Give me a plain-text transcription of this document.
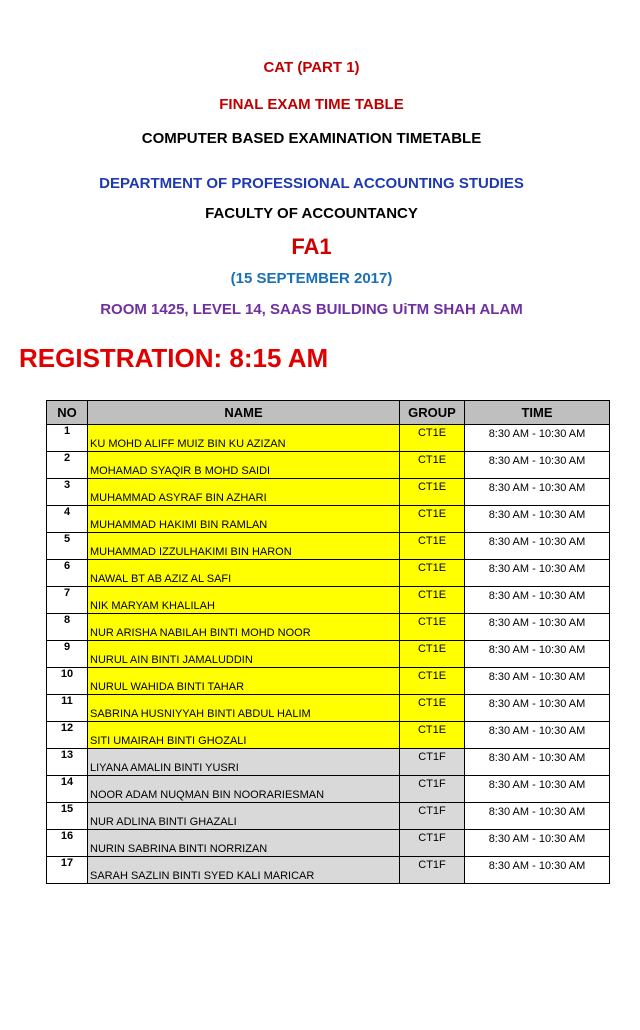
CAT (PART 1)
FINAL EXAM TIME TABLE
COMPUTER BASED EXAMINATION TIMETABLE
DEPARTMENT OF PROFESSIONAL ACCOUNTING STUDIES
FACULTY OF ACCOUNTANCY
FA1
(15 SEPTEMBER 2017)
ROOM 1425, LEVEL 14, SAAS BUILDING UiTM SHAH ALAM
REGISTRATION: 8:15 AM
NO	NAME	GROUP	TIME
1	KU MOHD ALIFF MUIZ BIN KU AZIZAN	CT1E	8:30 AM - 10:30 AM
2	MOHAMAD SYAQIR B MOHD SAIDI	CT1E	8:30 AM - 10:30 AM
3	MUHAMMAD ASYRAF BIN AZHARI	CT1E	8:30 AM - 10:30 AM
4	MUHAMMAD HAKIMI BIN RAMLAN	CT1E	8:30 AM - 10:30 AM
5	MUHAMMAD IZZULHAKIMI BIN HARON	CT1E	8:30 AM - 10:30 AM
6	NAWAL BT AB AZIZ AL SAFI	CT1E	8:30 AM - 10:30 AM
7	NIK MARYAM KHALILAH	CT1E	8:30 AM - 10:30 AM
8	NUR ARISHA NABILAH BINTI MOHD NOOR	CT1E	8:30 AM - 10:30 AM
9	NURUL AIN BINTI JAMALUDDIN	CT1E	8:30 AM - 10:30 AM
10	NURUL WAHIDA BINTI TAHAR	CT1E	8:30 AM - 10:30 AM
11	SABRINA HUSNIYYAH BINTI ABDUL HALIM	CT1E	8:30 AM - 10:30 AM
12	SITI UMAIRAH BINTI GHOZALI	CT1E	8:30 AM - 10:30 AM
13	LIYANA AMALIN BINTI YUSRI	CT1F	8:30 AM - 10:30 AM
14	NOOR ADAM NUQMAN BIN NOORARIESMAN	CT1F	8:30 AM - 10:30 AM
15	NUR ADLINA BINTI GHAZALI	CT1F	8:30 AM - 10:30 AM
16	NURIN SABRINA BINTI NORRIZAN	CT1F	8:30 AM - 10:30 AM
17	SARAH SAZLIN BINTI SYED KALI MARICAR	CT1F	8:30 AM - 10:30 AM
